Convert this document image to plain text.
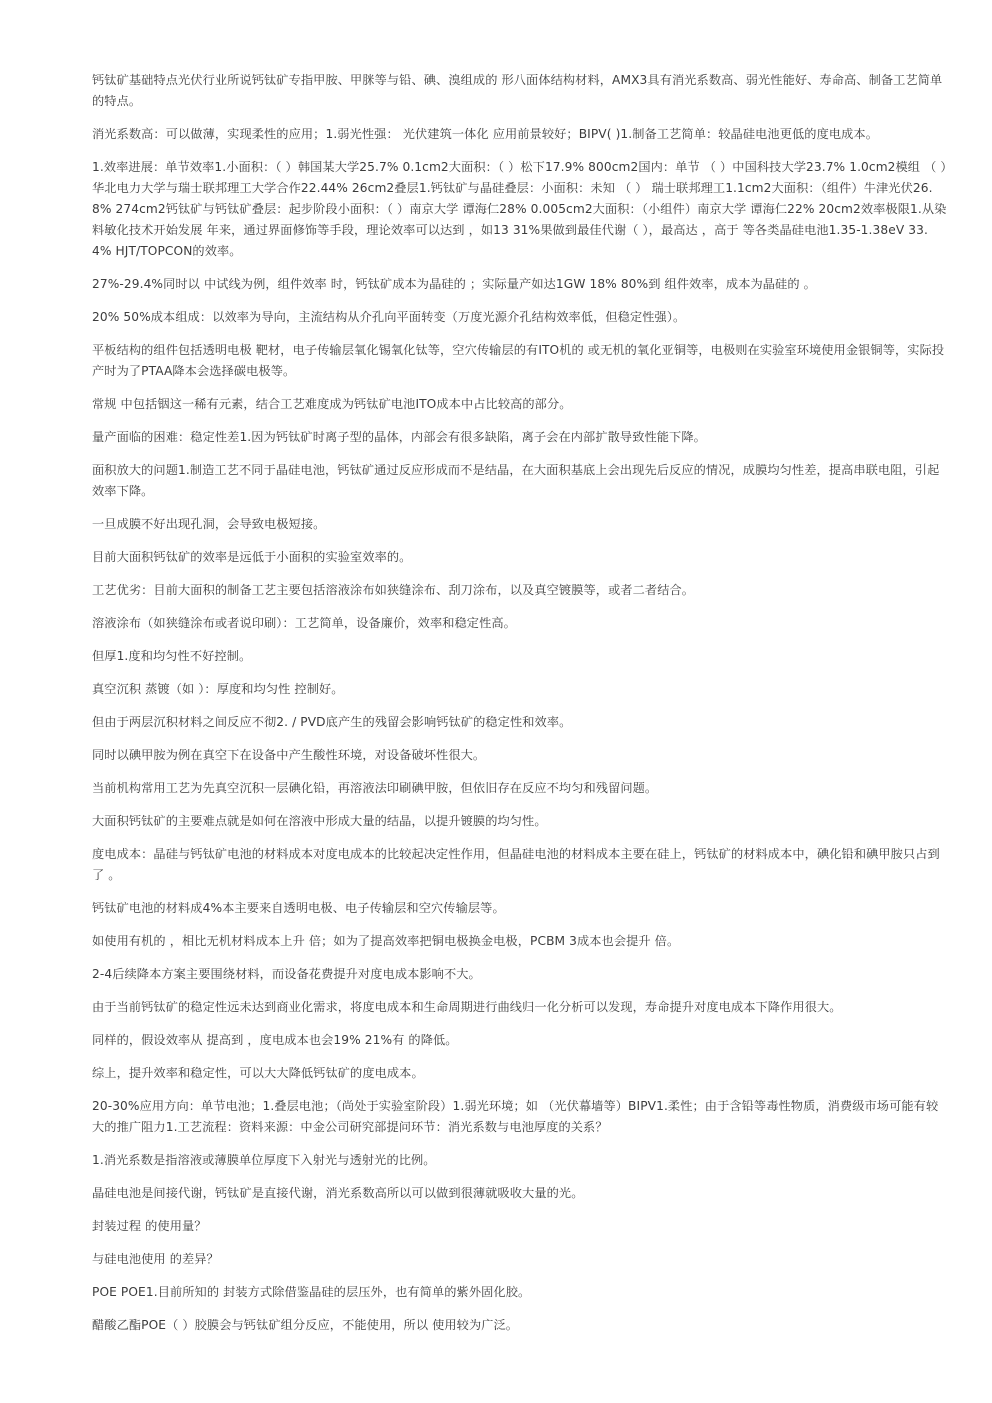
钙钛矿基础特点光伏行业所说钙钛矿专指甲胺、甲脒等与铅、碘、溴组成的 形八面体结构材料，AMX3具有消光系数高、弱光性能好、寿命高、制备工艺简单的特点。

消光系数高：可以做薄，实现柔性的应用；1.弱光性强： 光伏建筑一体化 应用前景较好；BIPV( )1.制备工艺简单：较晶硅电池更低的度电成本。

1.效率进展：单节效率1.小面积：（ ）韩国某大学25.7% 0.1cm2大面积：（ ）松下17.9% 800cm2国内：单节 （ ）中国科技大学23.7% 1.0cm2模组 （ ）华北电力大学与瑞士联邦理工大学合作22.44% 26cm2叠层1.钙钛矿与晶硅叠层：小面积：未知 （ ） 瑞士联邦理工1.1cm2大面积：（组件）牛津光伏26.8% 274cm2钙钛矿与钙钛矿叠层：起步阶段小面积：（ ）南京大学 谭海仁28% 0.005cm2大面积：（小组件）南京大学 谭海仁22% 20cm2效率极限1.从染料敏化技术开始发展 年来，通过界面修饰等手段，理论效率可以达到 ，如13 31%果做到最佳代谢（ ），最高达 ，高于 等各类晶硅电池1.35-1.38eV 33.4% HJT/TOPCON的效率。

27%-29.4%同时以 中试线为例，组件效率 时，钙钛矿成本为晶硅的 ；实际量产如达1GW 18% 80%到 组件效率，成本为晶硅的 。

20% 50%成本组成：以效率为导向，主流结构从介孔向平面转变（万度光源介孔结构效率低，但稳定性强）。

平板结构的组件包括透明电极 靶材，电子传输层氧化锡氧化钛等，空穴传输层的有ITO机的 或无机的氧化亚铜等，电极则在实验室环境使用金银铜等，实际投产时为了PTAA降本会选择碳电极等。

常规 中包括铟这一稀有元素，结合工艺难度成为钙钛矿电池ITO成本中占比较高的部分。

量产面临的困难：稳定性差1.因为钙钛矿时离子型的晶体，内部会有很多缺陷，离子会在内部扩散导致性能下降。

面积放大的问题1.制造工艺不同于晶硅电池，钙钛矿通过反应形成而不是结晶，在大面积基底上会出现先后反应的情况，成膜均匀性差，提高串联电阻，引起效率下降。

一旦成膜不好出现孔洞，会导致电极短接。

目前大面积钙钛矿的效率是远低于小面积的实验室效率的。

工艺优劣：目前大面积的制备工艺主要包括溶液涂布如狭缝涂布、刮刀涂布，以及真空镀膜等，或者二者结合。

溶液涂布（如狭缝涂布或者说印刷）：工艺简单，设备廉价，效率和稳定性高。

但厚1.度和均匀性不好控制。

真空沉积 蒸镀（如 ）：厚度和均匀性 控制好。

但由于两层沉积材料之间反应不彻2. / PVD底产生的残留会影响钙钛矿的稳定性和效率。

同时以碘甲胺为例在真空下在设备中产生酸性环境，对设备破坏性很大。

当前机构常用工艺为先真空沉积一层碘化铅，再溶液法印刷碘甲胺，但依旧存在反应不均匀和残留问题。

大面积钙钛矿的主要难点就是如何在溶液中形成大量的结晶，以提升镀膜的均匀性。

度电成本：晶硅与钙钛矿电池的材料成本对度电成本的比较起决定性作用，但晶硅电池的材料成本主要在硅上，钙钛矿的材料成本中，碘化铅和碘甲胺只占到了 。

钙钛矿电池的材料成4%本主要来自透明电极、电子传输层和空穴传输层等。

如使用有机的 ，相比无机材料成本上升 倍；如为了提高效率把铜电极换金电极，PCBM 3成本也会提升 倍。

2-4后续降本方案主要围绕材料，而设备花费提升对度电成本影响不大。

由于当前钙钛矿的稳定性远未达到商业化需求，将度电成本和生命周期进行曲线归一化分析可以发现，寿命提升对度电成本下降作用很大。

同样的，假设效率从 提高到 ，度电成本也会19% 21%有 的降低。

综上，提升效率和稳定性，可以大大降低钙钛矿的度电成本。

20-30%应用方向：单节电池；1.叠层电池；（尚处于实验室阶段）1.弱光环境；如 （光伏幕墙等）BIPV1.柔性；由于含铅等毒性物质，消费级市场可能有较大的推广阻力1.工艺流程：资料来源：中金公司研究部提问环节：消光系数与电池厚度的关系？

1.消光系数是指溶液或薄膜单位厚度下入射光与透射光的比例。

晶硅电池是间接代谢，钙钛矿是直接代谢，消光系数高所以可以做到很薄就吸收大量的光。

封装过程 的使用量？

与硅电池使用 的差异？

POE POE1.目前所知的 封装方式除借鉴晶硅的层压外，也有简单的紫外固化胶。

醋酸乙酯POE（ ）胶膜会与钙钛矿组分反应，不能使用，所以 使用较为广泛。
